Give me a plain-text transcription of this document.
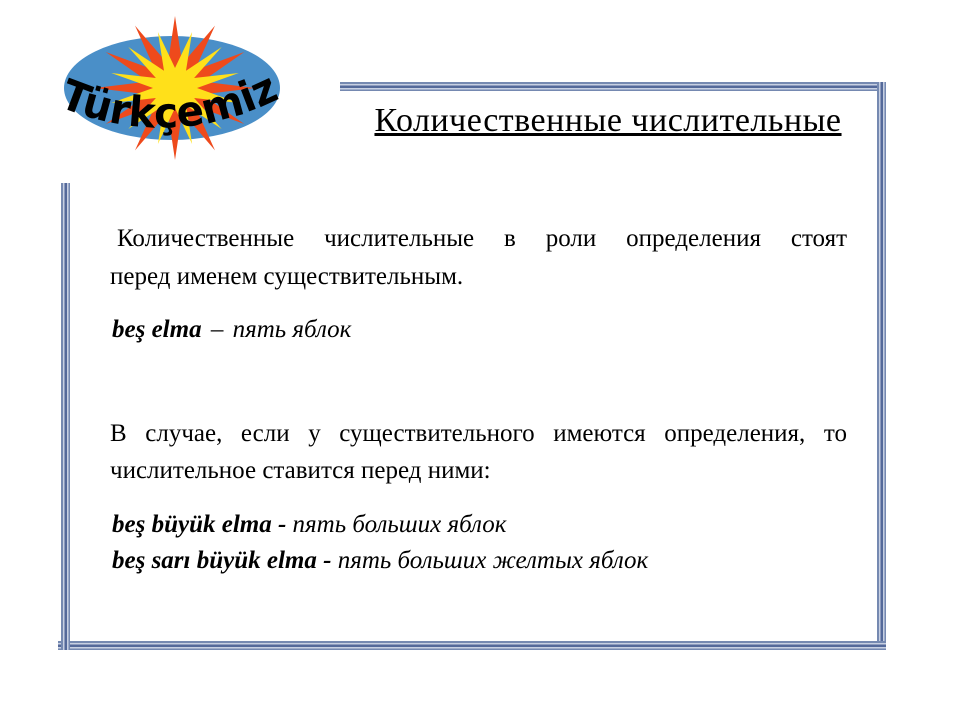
Türkçemiz
Количественные числительные
Количественные числительные в роли определения стоят
перед именем существительным.
beş elma – пять яблок
В случае, если у существительного имеются определения, то
числительное ставится перед ними:
beş büyük elma - пять больших яблок
beş sarı büyük elma - пять больших желтых яблок
